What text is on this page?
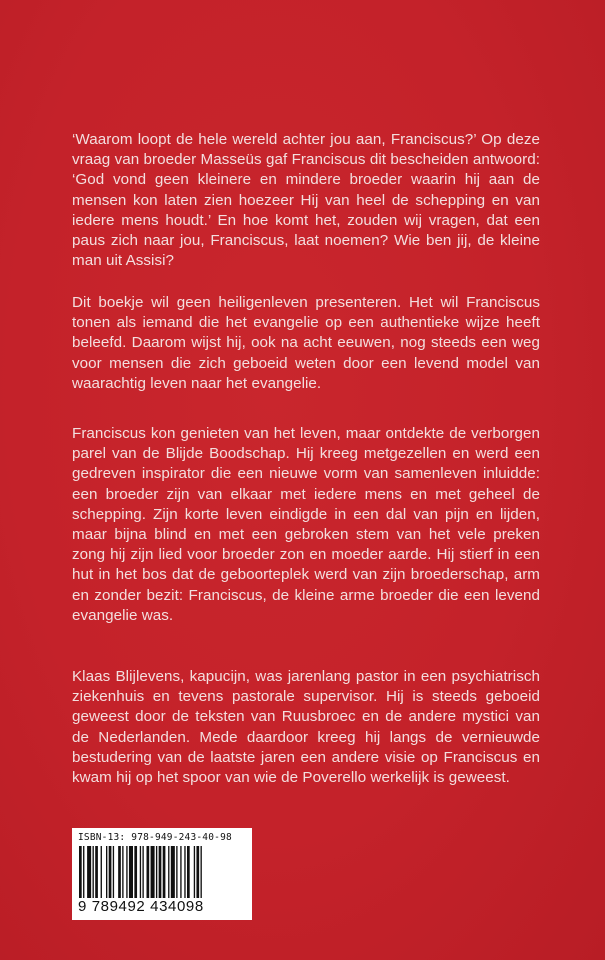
‘Waarom loopt de hele wereld achter jou aan, Franciscus?’ Op deze vraag van broeder Masseüs gaf Franciscus dit bescheiden antwoord: ‘God vond geen kleinere en mindere broeder waarin hij aan de mensen kon laten zien hoezeer Hij van heel de schepping en van iedere mens houdt.’ En hoe komt het, zouden wij vragen, dat een paus zich naar jou, Franciscus, laat noemen? Wie ben jij, de kleine man uit Assisi?

Dit boekje wil geen heiligenleven presenteren. Het wil Franciscus tonen als iemand die het evangelie op een authentieke wijze heeft beleefd. Daarom wijst hij, ook na acht eeuwen, nog steeds een weg voor mensen die zich geboeid weten door een levend model van waarachtig leven naar het evangelie.

Franciscus kon genieten van het leven, maar ontdekte de verborgen parel van de Blijde Boodschap. Hij kreeg metgezellen en werd een gedreven inspirator die een nieuwe vorm van samenleven inluidde: een broeder zijn van elkaar met iedere mens en met geheel de schepping. Zijn korte leven eindigde in een dal van pijn en lijden, maar bijna blind en met een gebroken stem van het vele preken zong hij zijn lied voor broeder zon en moeder aarde. Hij stierf in een hut in het bos dat de geboorteplek werd van zijn broederschap, arm en zonder bezit: Franciscus, de kleine arme broeder die een levend evangelie was.

Klaas Blijlevens, kapucijn, was jarenlang pastor in een psychiatrisch ziekenhuis en tevens pastorale supervisor. Hij is steeds geboeid geweest door de teksten van Ruusbroec en de andere mystici van de Nederlanden. Mede daardoor kreeg hij langs de vernieuwde bestudering van de laatste jaren een andere visie op Franciscus en kwam hij op het spoor van wie de Poverello werkelijk is geweest.

ISBN-13: 978-949-243-40-98
9 789492 434098
